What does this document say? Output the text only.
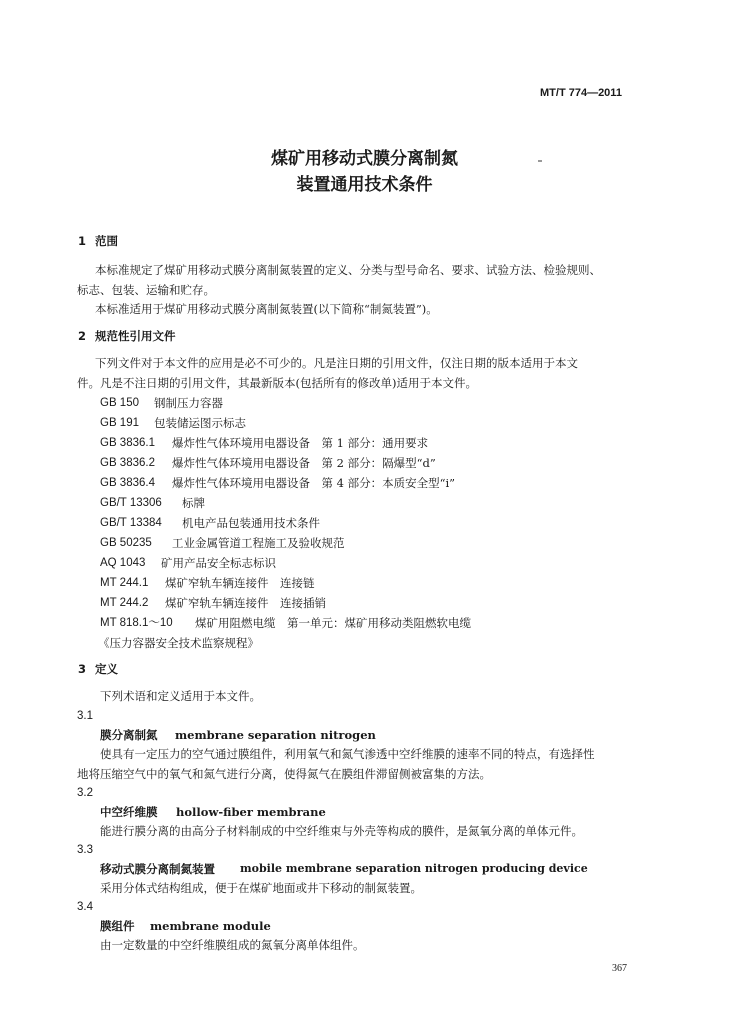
MT/T 774—2011
煤矿用移动式膜分离制氮
装置通用技术条件
1 范围
本标准规定了煤矿用移动式膜分离制氮装置的定义、分类与型号命名、要求、试验方法、检验规则、
标志、包装、运输和贮存。
本标准适用于煤矿用移动式膜分离制氮装置(以下简称“制氮装置”)。
2 规范性引用文件
下列文件对于本文件的应用是必不可少的。凡是注日期的引用文件，仅注日期的版本适用于本文
件。凡是不注日期的引用文件，其最新版本(包括所有的修改单)适用于本文件。
GB 150 钢制压力容器
GB 191 包装储运图示标志
GB 3836.1 爆炸性气体环境用电器设备　第 1 部分：通用要求
GB 3836.2 爆炸性气体环境用电器设备　第 2 部分：隔爆型“d”
GB 3836.4 爆炸性气体环境用电器设备　第 4 部分：本质安全型“i”
GB/T 13306 标牌
GB/T 13384 机电产品包装通用技术条件
GB 50235 工业金属管道工程施工及验收规范
AQ 1043 矿用产品安全标志标识
MT 244.1 煤矿窄轨车辆连接件　连接链
MT 244.2 煤矿窄轨车辆连接件　连接插销
MT 818.1～10 煤矿用阻燃电缆　第一单元：煤矿用移动类阻燃软电缆
《压力容器安全技术监察规程》
3 定义
下列术语和定义适用于本文件。
3.1
膜分离制氮 membrane separation nitrogen
使具有一定压力的空气通过膜组件，利用氧气和氮气渗透中空纤维膜的速率不同的特点，有选择性
地将压缩空气中的氧气和氮气进行分离，使得氮气在膜组件滞留侧被富集的方法。
3.2
中空纤维膜 hollow-fiber membrane
能进行膜分离的由高分子材料制成的中空纤维束与外壳等构成的膜件，是氮氧分离的单体元件。
3.3
移动式膜分离制氮装置 mobile membrane separation nitrogen producing device
采用分体式结构组成，便于在煤矿地面或井下移动的制氮装置。
3.4
膜组件 membrane module
由一定数量的中空纤维膜组成的氮氧分离单体组件。
367
